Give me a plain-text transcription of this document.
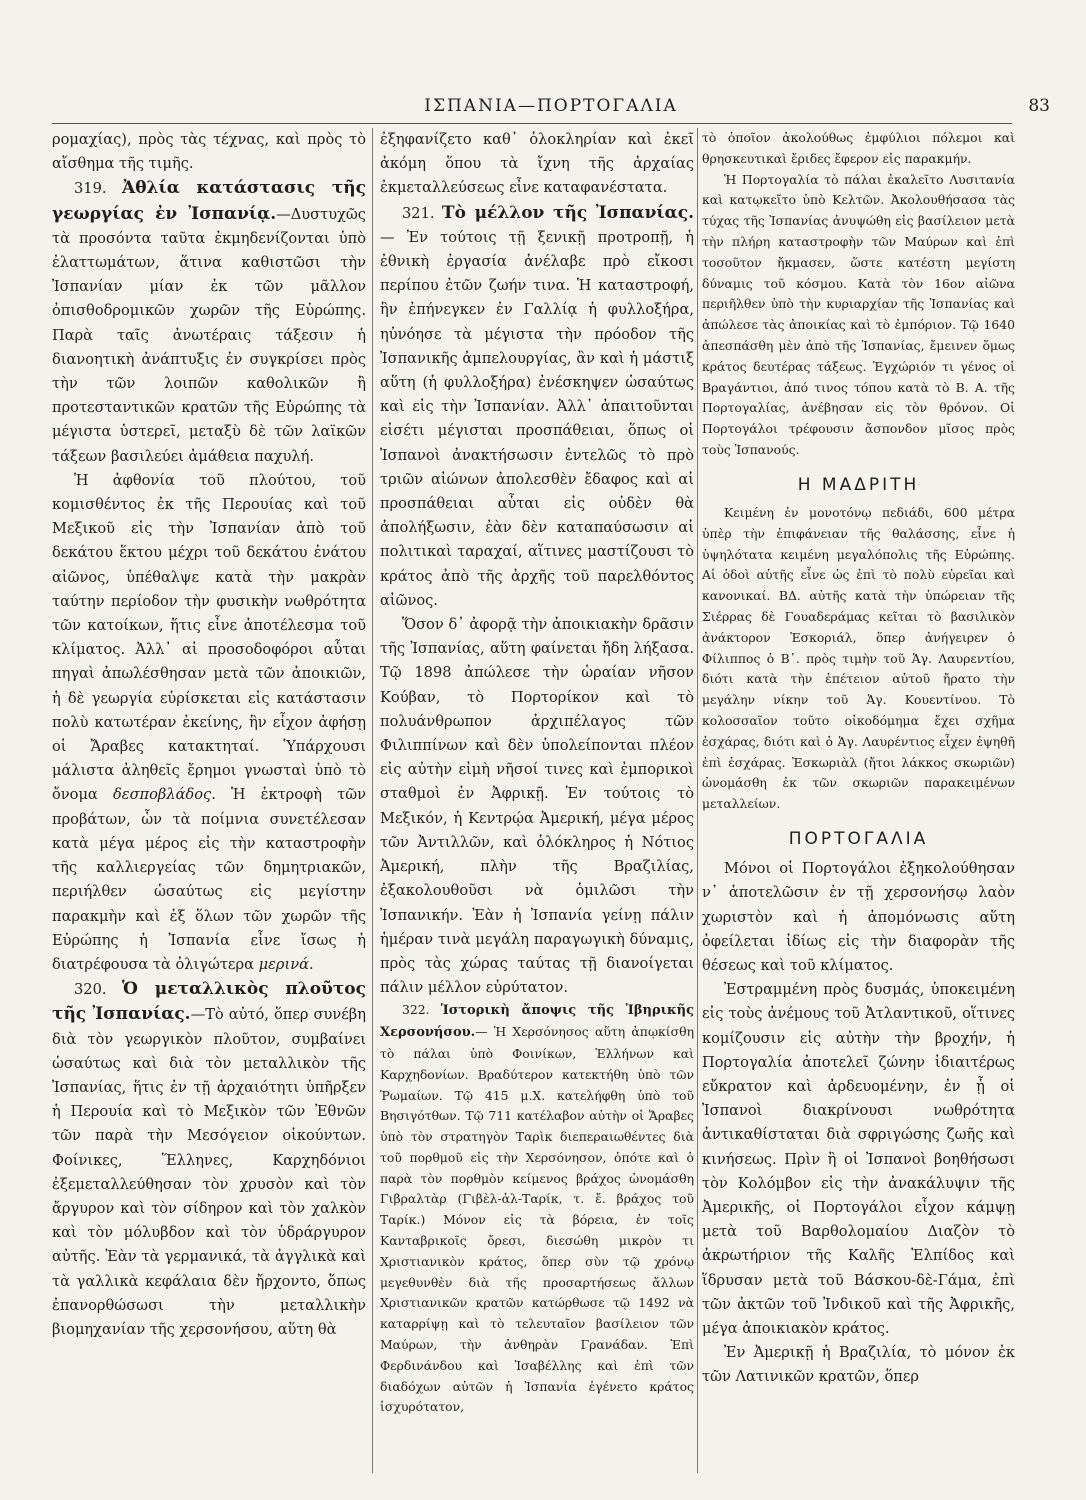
ΙΣΠΑΝΙΑ—ΠΟΡΤΟΓΑΛΙΑ	83

ρομαχίας), πρὸς τὰς τέχνας, καὶ πρὸς τὸ αἴσθημα τῆς τιμῆς.

319. Ἀθλία κατάστασις τῆς γεωργίας ἐν Ἰσπανίᾳ.—Δυστυχῶς τὰ προσόντα ταῦτα ἐκμηδενίζονται ὑπὸ ἐλαττωμάτων, ἅτινα καθιστῶσι τὴν Ἰσπανίαν μίαν ἐκ τῶν μᾶλλον ὀπισθοδρομικῶν χωρῶν τῆς Εὐρώπης. Παρὰ ταῖς ἀνωτέραις τάξεσιν ἡ διανοητικὴ ἀνάπτυξις ἐν συγκρίσει πρὸς τὴν τῶν λοιπῶν καθολικῶν ἢ προτεσταντικῶν κρατῶν τῆς Εὐρώπης τὰ μέγιστα ὑστερεῖ, μεταξὺ δὲ τῶν λαϊκῶν τάξεων βασιλεύει ἀμάθεια παχυλή.

Ἡ ἀφθονία τοῦ πλούτου, τοῦ κομισθέντος ἐκ τῆς Περουίας καὶ τοῦ Μεξικοῦ εἰς τὴν Ἰσπανίαν ἀπὸ τοῦ δεκάτου ἕκτου μέχρι τοῦ δεκάτου ἐνάτου αἰῶνος, ὑπέθαλψε κατὰ τὴν μακρὰν ταύτην περίοδον τὴν φυσικὴν νωθρότητα τῶν κατοίκων, ἥτις εἶνε ἀποτέλεσμα τοῦ κλίματος. Ἀλλ᾽ αἱ προσοδοφόροι αὗται πηγαὶ ἀπωλέσθησαν μετὰ τῶν ἀποικιῶν, ἡ δὲ γεωργία εὑρίσκεται εἰς κατάστασιν πολὺ κατωτέραν ἐκείνης, ἣν εἶχον ἀφήσῃ οἱ Ἄραβες κατακτηταί. Ὑπάρχουσι μάλιστα ἀληθεῖς ἔρημοι γνωσταὶ ὑπὸ τὸ ὄνομα δεσποβλάδος. Ἡ ἐκτροφὴ τῶν προβάτων, ὧν τὰ ποίμνια συνετέλεσαν κατὰ μέγα μέρος εἰς τὴν καταστροφὴν τῆς καλλιεργείας τῶν δημητριακῶν, περιήλθεν ὡσαύτως εἰς μεγίστην παρακμὴν καὶ ἐξ ὅλων τῶν χωρῶν τῆς Εὐρώπης ἡ Ἰσπανία εἶνε ἴσως ἡ διατρέφουσα τὰ ὀλιγώτερα μερινά.

320. Ὁ μεταλλικὸς πλοῦτος τῆς Ἰσπανίας.—Τὸ αὐτό, ὅπερ συνέβη διὰ τὸν γεωργικὸν πλοῦτον, συμβαίνει ὡσαύτως καὶ διὰ τὸν μεταλλικὸν τῆς Ἰσπανίας, ἥτις ἐν τῇ ἀρχαιότητι ὑπῆρξεν ἡ Περουία καὶ τὸ Μεξικὸν τῶν Ἐθνῶν τῶν παρὰ τὴν Μεσόγειον οἰκούντων. Φοίνικες, Ἕλληνες, Καρχηδόνιοι ἐξεμεταλλεύθησαν τὸν χρυσὸν καὶ τὸν ἄργυρον καὶ τὸν σίδηρον καὶ τὸν χαλκὸν καὶ τὸν μόλυβδον καὶ τὸν ὑδράργυρον αὐτῆς. Ἐὰν τὰ γερμανικά, τὰ ἀγγλικὰ καὶ τὰ γαλλικὰ κεφάλαια δὲν ἤρχοντο, ὅπως ἐπανορθώσωσι τὴν μεταλλικὴν βιομηχανίαν τῆς χερσονήσου, αὕτη θὰ

ἐξηφανίζετο καθ᾽ ὁλοκληρίαν καὶ ἐκεῖ ἀκόμη ὅπου τὰ ἴχνη τῆς ἀρχαίας ἐκμεταλλεύσεως εἶνε καταφανέστατα.

321. Τὸ μέλλον τῆς Ἰσπανίας.— Ἐν τούτοις τῇ ξενικῇ προτροπῇ, ἡ ἐθνικὴ ἐργασία ἀνέλαβε πρὸ εἴκοσι περίπου ἐτῶν ζωήν τινα. Ἡ καταστροφή, ἣν ἐπήνεγκεν ἐν Γαλλίᾳ ἡ φυλλοξήρα, ηὐνόησε τὰ μέγιστα τὴν πρόοδον τῆς Ἰσπανικῆς ἀμπελουργίας, ἂν καὶ ἡ μάστιξ αὕτη (ἡ φυλλοξήρα) ἐνέσκηψεν ὡσαύτως καὶ εἰς τὴν Ἰσπανίαν. Ἀλλ᾽ ἀπαιτοῦνται εἰσέτι μέγισται προσπάθειαι, ὅπως οἱ Ἰσπανοὶ ἀνακτήσωσιν ἐντελῶς τὸ πρὸ τριῶν αἰώνων ἀπολεσθὲν ἔδαφος καὶ αἱ προσπάθειαι αὗται εἰς οὐδὲν θὰ ἀπολήξωσιν, ἐὰν δὲν καταπαύσωσιν αἱ πολιτικαὶ ταραχαί, αἵτινες μαστίζουσι τὸ κράτος ἀπὸ τῆς ἀρχῆς τοῦ παρελθόντος αἰῶνος.

Ὅσον δ᾽ ἀφορᾷ τὴν ἀποικιακὴν δρᾶσιν τῆς Ἰσπανίας, αὕτη φαίνεται ἤδη λήξασα. Τῷ 1898 ἀπώλεσε τὴν ὡραίαν νῆσον Κούβαν, τὸ Πορτορίκον καὶ τὸ πολυάνθρωπον ἀρχιπέλαγος τῶν Φιλιππίνων καὶ δὲν ὑπολείπονται πλέον εἰς αὐτὴν εἰμὴ νῆσοί τινες καὶ ἐμπορικοὶ σταθμοὶ ἐν Ἀφρικῇ. Ἐν τούτοις τὸ Μεξικόν, ἡ Κεντρῴα Ἀμερική, μέγα μέρος τῶν Ἀντιλλῶν, καὶ ὁλόκληρος ἡ Νότιος Ἀμερική, πλὴν τῆς Βραζιλίας, ἐξακολουθοῦσι νὰ ὁμιλῶσι τὴν Ἰσπανικήν. Ἐὰν ἡ Ἰσπανία γείνῃ πάλιν ἡμέραν τινὰ μεγάλη παραγωγικὴ δύναμις, πρὸς τὰς χώρας ταύτας τῇ διανοίγεται πάλιν μέλλον εὐρύτατον.

322. Ἱστορικὴ ἄποψις τῆς Ἰβηρικῆς Χερσονήσου.— Ἡ Χερσόνησος αὕτη ἀπῳκίσθη τὸ πάλαι ὑπὸ Φοινίκων, Ἑλλήνων καὶ Καρχηδονίων. Βραδύτερον κατεκτήθη ὑπὸ τῶν Ῥωμαίων. Τῷ 415 μ.Χ. κατελήφθη ὑπὸ τοῦ Βησιγότθων. Τῷ 711 κατέλαβον αὐτὴν οἱ Ἄραβες ὑπὸ τὸν στρατηγὸν Ταρὶκ διεπεραιωθέντες διὰ τοῦ πορθμοῦ εἰς τὴν Χερσόνησον, ὁπότε καὶ ὁ παρὰ τὸν πορθμὸν κείμενος βράχος ὠνομάσθη Γιβραλτὰρ (Γιβὲλ-ἀλ-Ταρίκ, τ. ἔ. βράχος τοῦ Ταρίκ.) Μόνον εἰς τὰ βόρεια, ἐν τοῖς Κανταβρικοῖς ὄρεσι, διεσώθη μικρὸν τι Χριστιανικὸν κράτος, ὅπερ σὺν τῷ χρόνῳ μεγεθυνθὲν διὰ τῆς προσαρτήσεως ἄλλων Χριστιανικῶν κρατῶν κατώρθωσε τῷ 1492 νὰ καταρρίψῃ καὶ τὸ τελευταῖον βασίλειον τῶν Μαύρων, τὴν ἀνθηρὰν Γρανάδαν. Ἐπὶ Φερδινάνδου καὶ Ἰσαβέλλης καὶ ἐπὶ τῶν διαδόχων αὐτῶν ἡ Ἰσπανία ἐγένετο κράτος ἰσχυρότατον,

τὸ ὁποῖον ἀκολούθως ἐμφύλιοι πόλεμοι καὶ θρησκευτικαὶ ἔριδες ἔφερον εἰς παρακμήν.

Ἡ Πορτογαλία τὸ πάλαι ἐκαλεῖτο Λυσιτανία καὶ κατῳκεῖτο ὑπὸ Κελτῶν. Ἀκολουθήσασα τὰς τύχας τῆς Ἰσπανίας ἀνυψώθη εἰς βασίλειον μετὰ τὴν πλήρη καταστροφὴν τῶν Μαύρων καὶ ἐπὶ τοσοῦτον ἤκμασεν, ὥστε κατέστη μεγίστη δύναμις τοῦ κόσμου. Κατὰ τὸν 16ον αἰῶνα περιῆλθεν ὑπὸ τὴν κυριαρχίαν τῆς Ἰσπανίας καὶ ἀπώλεσε τὰς ἀποικίας καὶ τὸ ἐμπόριον. Τῷ 1640 ἀπεσπάσθη μὲν ἀπὸ τῆς Ἰσπανίας, ἔμεινεν ὅμως κράτος δευτέρας τάξεως. Ἐγχώριόν τι γένος οἱ Βραγάντιοι, ἀπό τινος τόπου κατὰ τὸ Β. Α. τῆς Πορτογαλίας, ἀνέβησαν εἰς τὸν θρόνον. Οἱ Πορτογάλοι τρέφουσιν ἄσπονδον μῖσος πρὸς τοὺς Ἰσπανούς.

Η ΜΑΔΡΙΤΗ

Κειμένη ἐν μονοτόνῳ πεδιάδι, 600 μέτρα ὑπὲρ τὴν ἐπιφάνειαν τῆς θαλάσσης, εἶνε ἡ ὑψηλότατα κειμένη μεγαλόπολις τῆς Εὐρώπης. Αἱ ὁδοὶ αὐτῆς εἶνε ὡς ἐπὶ τὸ πολὺ εὐρεῖαι καὶ κανονικαί. ΒΔ. αὐτῆς κατὰ τὴν ὑπώρειαν τῆς Σιέρρας δὲ Γουαδεράμας κεῖται τὸ βασιλικὸν ἀνάκτορον Ἐσκοριάλ, ὅπερ ἀνήγειρεν ὁ Φίλιππος ὁ Β᾽. πρὸς τιμὴν τοῦ Ἁγ. Λαυρεντίου, διότι κατὰ τὴν ἐπέτειον αὐτοῦ ἤρατο τὴν μεγάλην νίκην τοῦ Ἁγ. Κουεντίνου. Τὸ κολοσσαῖον τοῦτο οἰκοδόμημα ἔχει σχῆμα ἐσχάρας, διότι καὶ ὁ Ἁγ. Λαυρέντιος εἶχεν ἐψηθῆ ἐπὶ ἐσχάρας. Ἐσκωριὰλ (ἤτοι λάκκος σκωριῶν) ὠνομάσθη ἐκ τῶν σκωριῶν παρακειμένων μεταλλείων.

ΠΟΡΤΟΓΑΛΙΑ

Μόνοι οἱ Πορτογάλοι ἐξηκολούθησαν ν᾽ ἀποτελῶσιν ἐν τῇ χερσονήσῳ λαὸν χωριστὸν καὶ ἡ ἀπομόνωσις αὕτη ὀφείλεται ἰδίως εἰς τὴν διαφορὰν τῆς θέσεως καὶ τοῦ κλίματος.

Ἐστραμμένη πρὸς δυσμάς, ὑποκειμένη εἰς τοὺς ἀνέμους τοῦ Ἀτλαντικοῦ, οἵτινες κομίζουσιν εἰς αὐτὴν τὴν βροχήν, ἡ Πορτογαλία ἀποτελεῖ ζώνην ἰδιαιτέρως εὔκρατον καὶ ἀρδευομένην, ἐν ᾗ οἱ Ἰσπανοὶ διακρίνουσι νωθρότητα ἀντικαθίσταται διὰ σφριγώσης ζωῆς καὶ κινήσεως. Πρὶν ἢ οἱ Ἰσπανοὶ βοηθήσωσι τὸν Κολόμβον εἰς τὴν ἀνακάλυψιν τῆς Ἀμερικῆς, οἱ Πορτογάλοι εἶχον κάμψῃ μετὰ τοῦ Βαρθολομαίου Διαζὸν τὸ ἀκρωτήριον τῆς Καλῆς Ἐλπίδος καὶ ἵδρυσαν μετὰ τοῦ Βάσκου-δὲ-Γάμα, ἐπὶ τῶν ἀκτῶν τοῦ Ἰνδικοῦ καὶ τῆς Ἀφρικῆς, μέγα ἀποικιακὸν κράτος.

Ἐν Ἀμερικῇ ἡ Βραζιλία, τὸ μόνον ἐκ τῶν Λατινικῶν κρατῶν, ὅπερ
